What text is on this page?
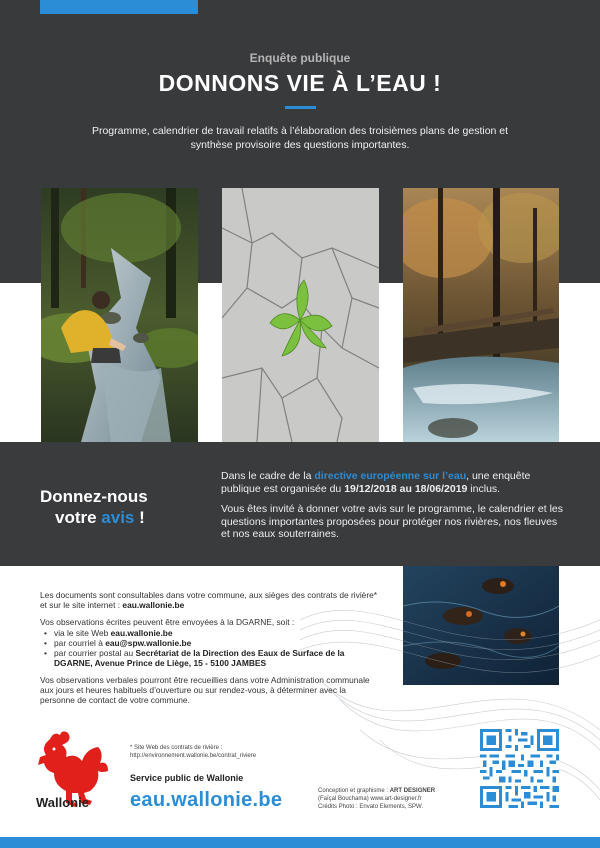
Enquête publique
DONNONS VIE À L’EAU !
Programme, calendrier de travail relatifs à l’élaboration des troisièmes plans de gestion et synthèse provisoire des questions importantes.
Donnez-nous
votre avis !

Dans le cadre de la directive européenne sur l’eau, une enquête publique est organisée du 19/12/2018 au 18/06/2019 inclus.

Vous êtes invité à donner votre avis sur le programme, le calendrier et les questions importantes proposées pour protéger nos rivières, nos fleuves et nos eaux souterraines.

Les documents sont consultables dans votre commune, aux sièges des contrats de rivière* et sur le site internet : eau.wallonie.be

Vos observations écrites peuvent être envoyées à la DGARNE, soit :

• via le site Web eau.wallonie.be
• par courriel à eau@spw.wallonie.be
• par courrier postal au Secrétariat de la Direction des Eaux de Surface de la DGARNE, Avenue Prince de Liège, 15 - 5100 JAMBES

Vos observations verbales pourront être recueillies dans votre Administration communale aux jours et heures habituels d’ouverture ou sur rendez-vous, à déterminer avec la personne de contact de votre commune.

Wallonie
* Site Web des contrats de rivière :
http://environnement.wallonie.be/contrat_riviere
Service public de Wallonie
eau.wallonie.be	Conception et graphisme : ART DESIGNER
(Faïçal Bouchama) www.art-designer.fr
Crédits Photo : Envato Elements, SPW.
